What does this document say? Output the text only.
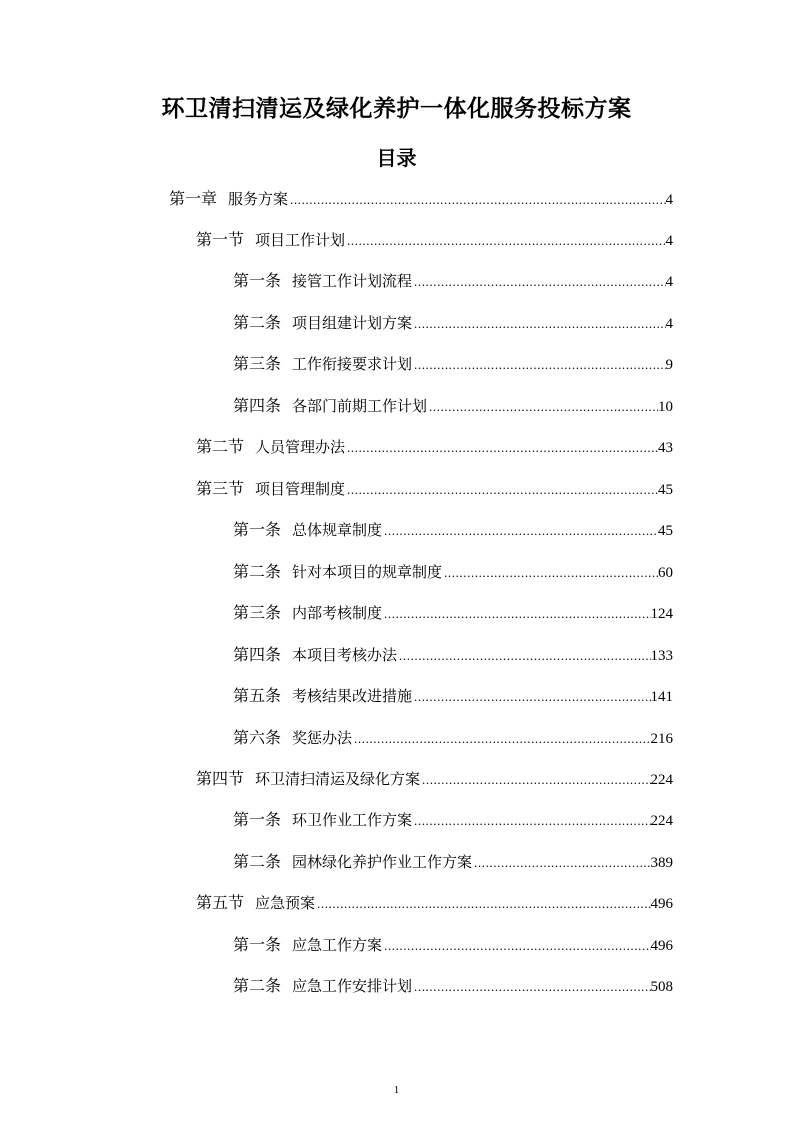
环卫清扫清运及绿化养护一体化服务投标方案
目录
第一章 服务方案 .....	4
第一节 项目工作计划 .....	4
第一条 接管工作计划流程 .....	4
第二条 项目组建计划方案 .....	4
第三条 工作衔接要求计划 .....	9
第四条 各部门前期工作计划 .....	10
第二节 人员管理办法 .....	43
第三节 项目管理制度 .....	45
第一条 总体规章制度 .....	45
第二条 针对本项目的规章制度 .....	60
第三条 内部考核制度 .....	124
第四条 本项目考核办法 .....	133
第五条 考核结果改进措施 .....	141
第六条 奖惩办法 .....	216
第四节 环卫清扫清运及绿化方案 .....	224
第一条 环卫作业工作方案 .....	224
第二条 园林绿化养护作业工作方案 .....	389
第五节 应急预案 .....	496
第一条 应急工作方案 .....	496
第二条 应急工作安排计划 .....	508
1
